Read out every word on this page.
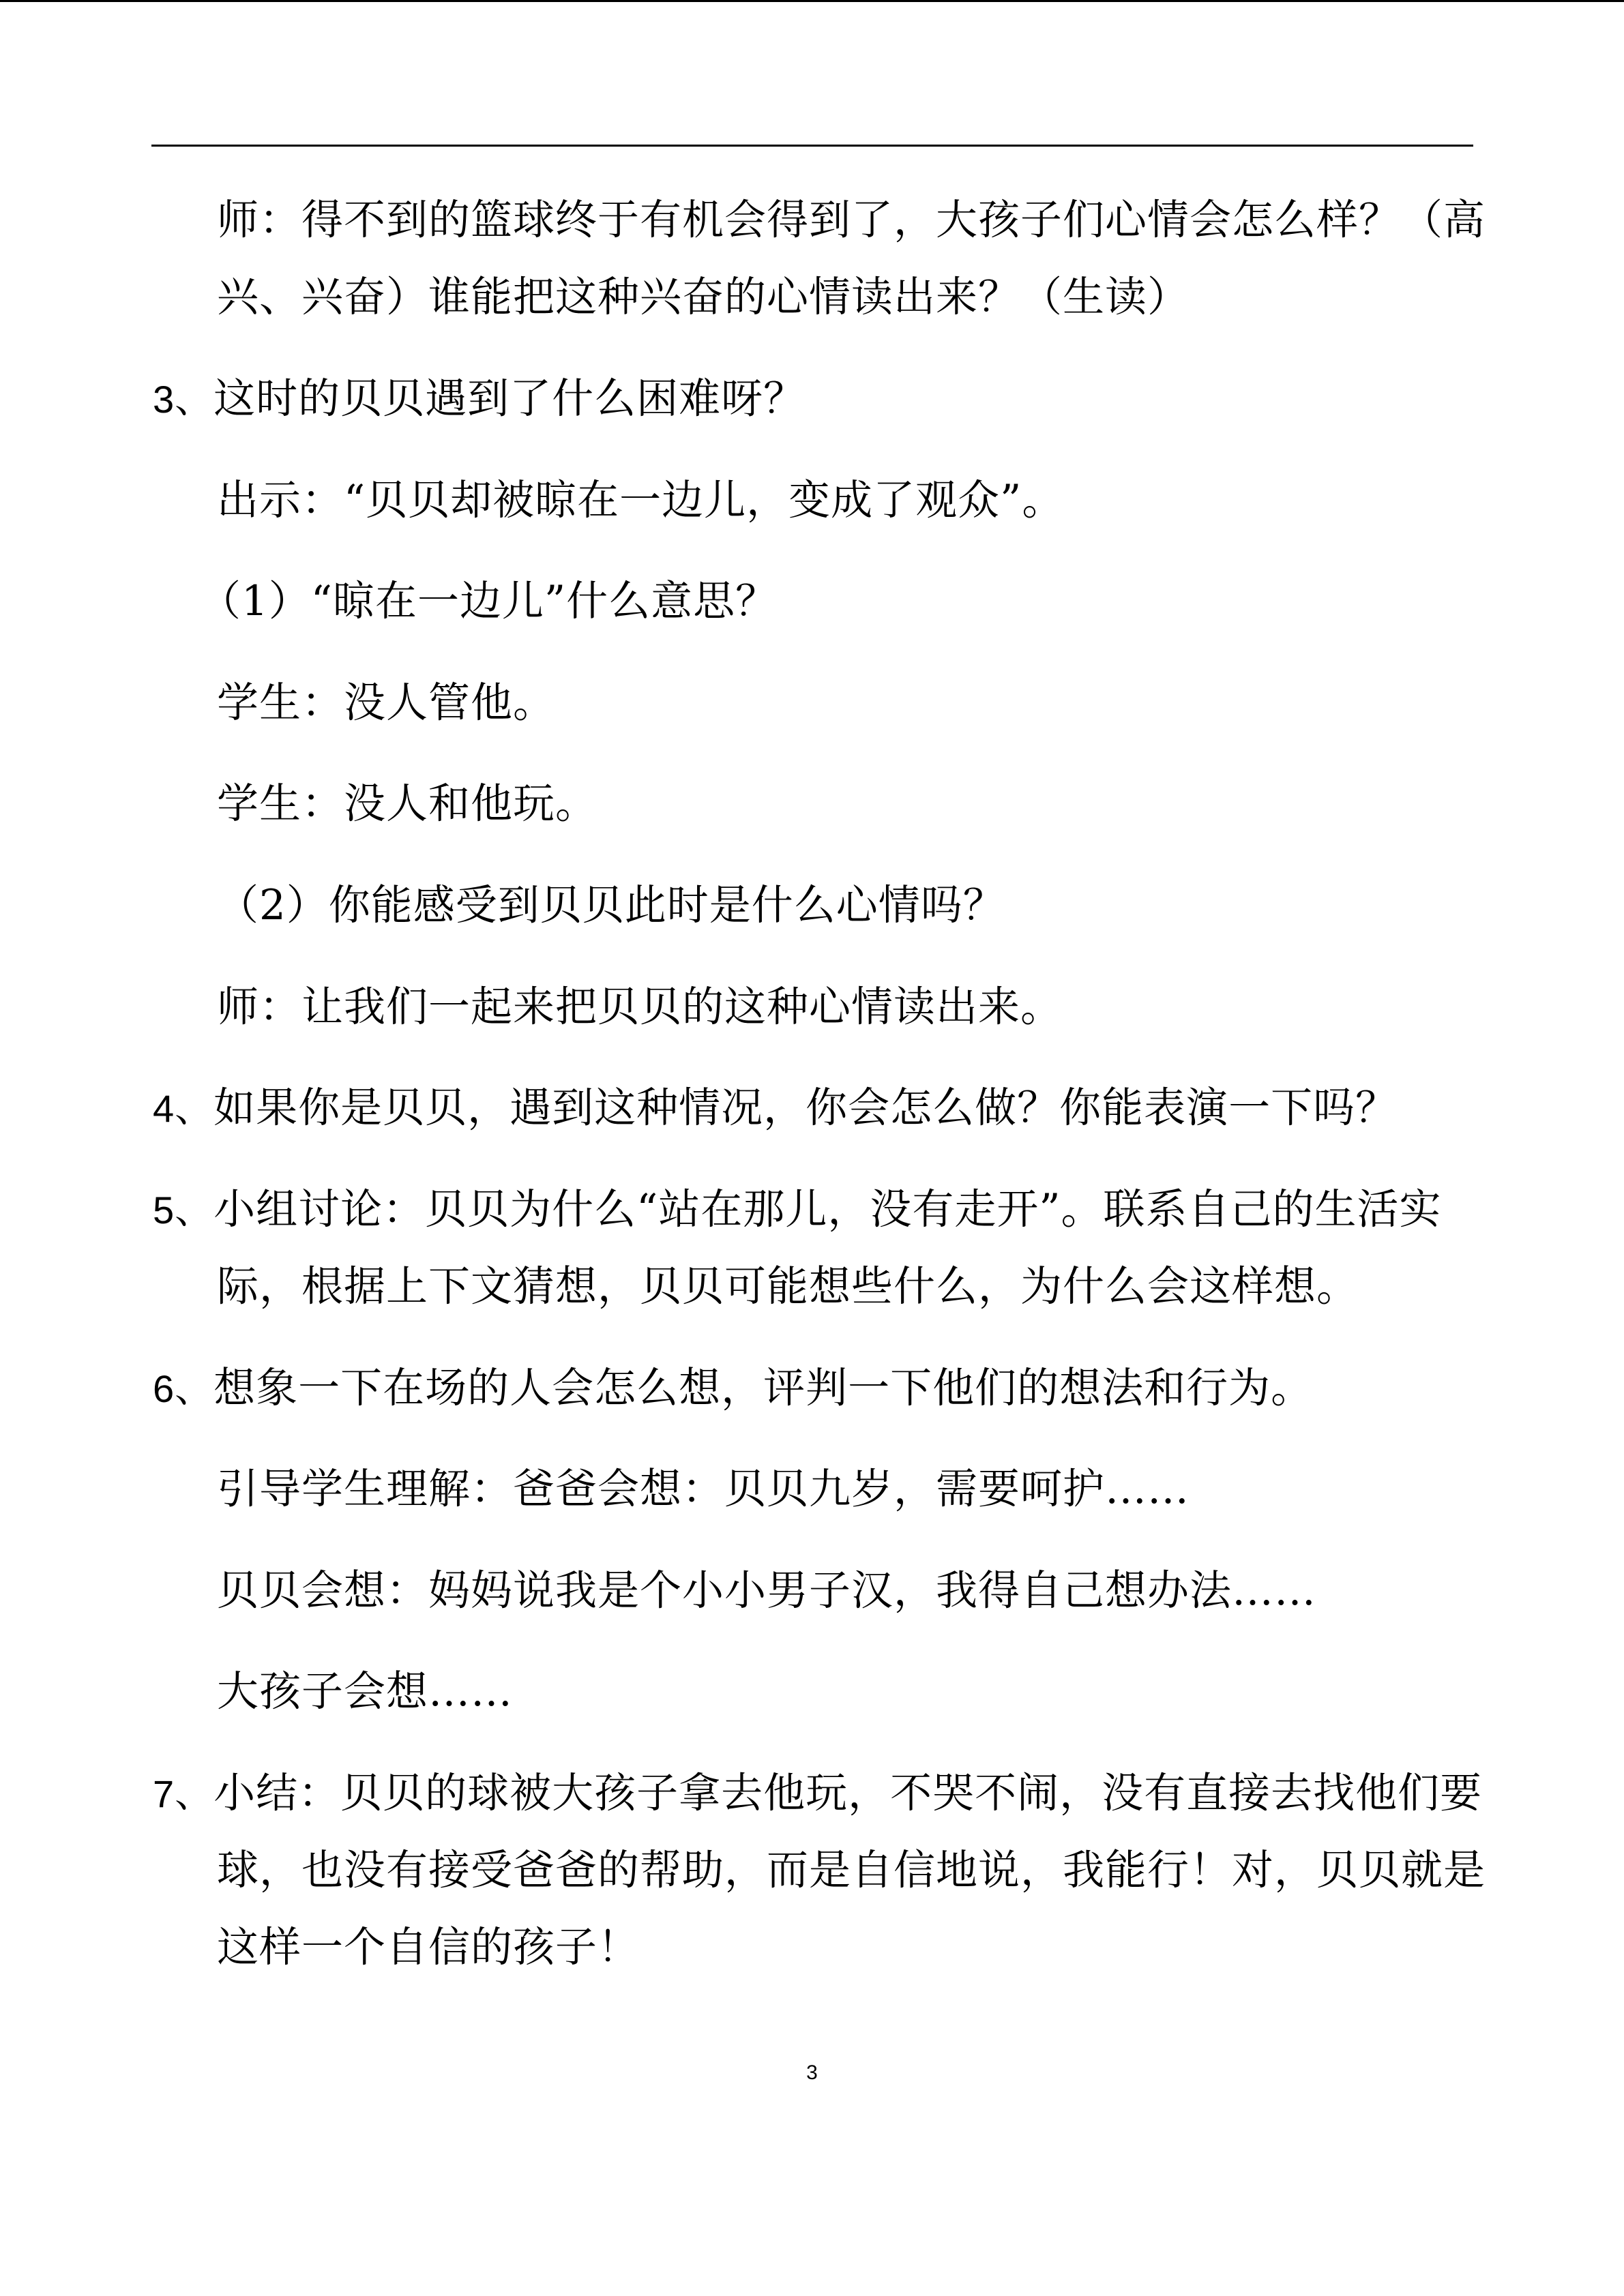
师：得不到的篮球终于有机会得到了，大孩子们心情会怎么样？（高
兴、兴奋）谁能把这种兴奋的心情读出来？（生读）
3、这时的贝贝遇到了什么困难呀？
出示：“贝贝却被晾在一边儿，变成了观众”。
（1）“晾在一边儿”什么意思？
学生：没人管他。
学生：没人和他玩。
（2）你能感受到贝贝此时是什么心情吗？
师：让我们一起来把贝贝的这种心情读出来。
4、如果你是贝贝，遇到这种情况，你会怎么做？你能表演一下吗？
5、小组讨论：贝贝为什么“站在那儿，没有走开”。联系自己的生活实
际，根据上下文猜想，贝贝可能想些什么，为什么会这样想。
6、想象一下在场的人会怎么想，评判一下他们的想法和行为。
引导学生理解：爸爸会想：贝贝九岁，需要呵护……
贝贝会想：妈妈说我是个小小男子汉，我得自己想办法……
大孩子会想……
7、小结：贝贝的球被大孩子拿去他玩，不哭不闹，没有直接去找他们要
球，也没有接受爸爸的帮助，而是自信地说，我能行！对，贝贝就是
这样一个自信的孩子！
3
